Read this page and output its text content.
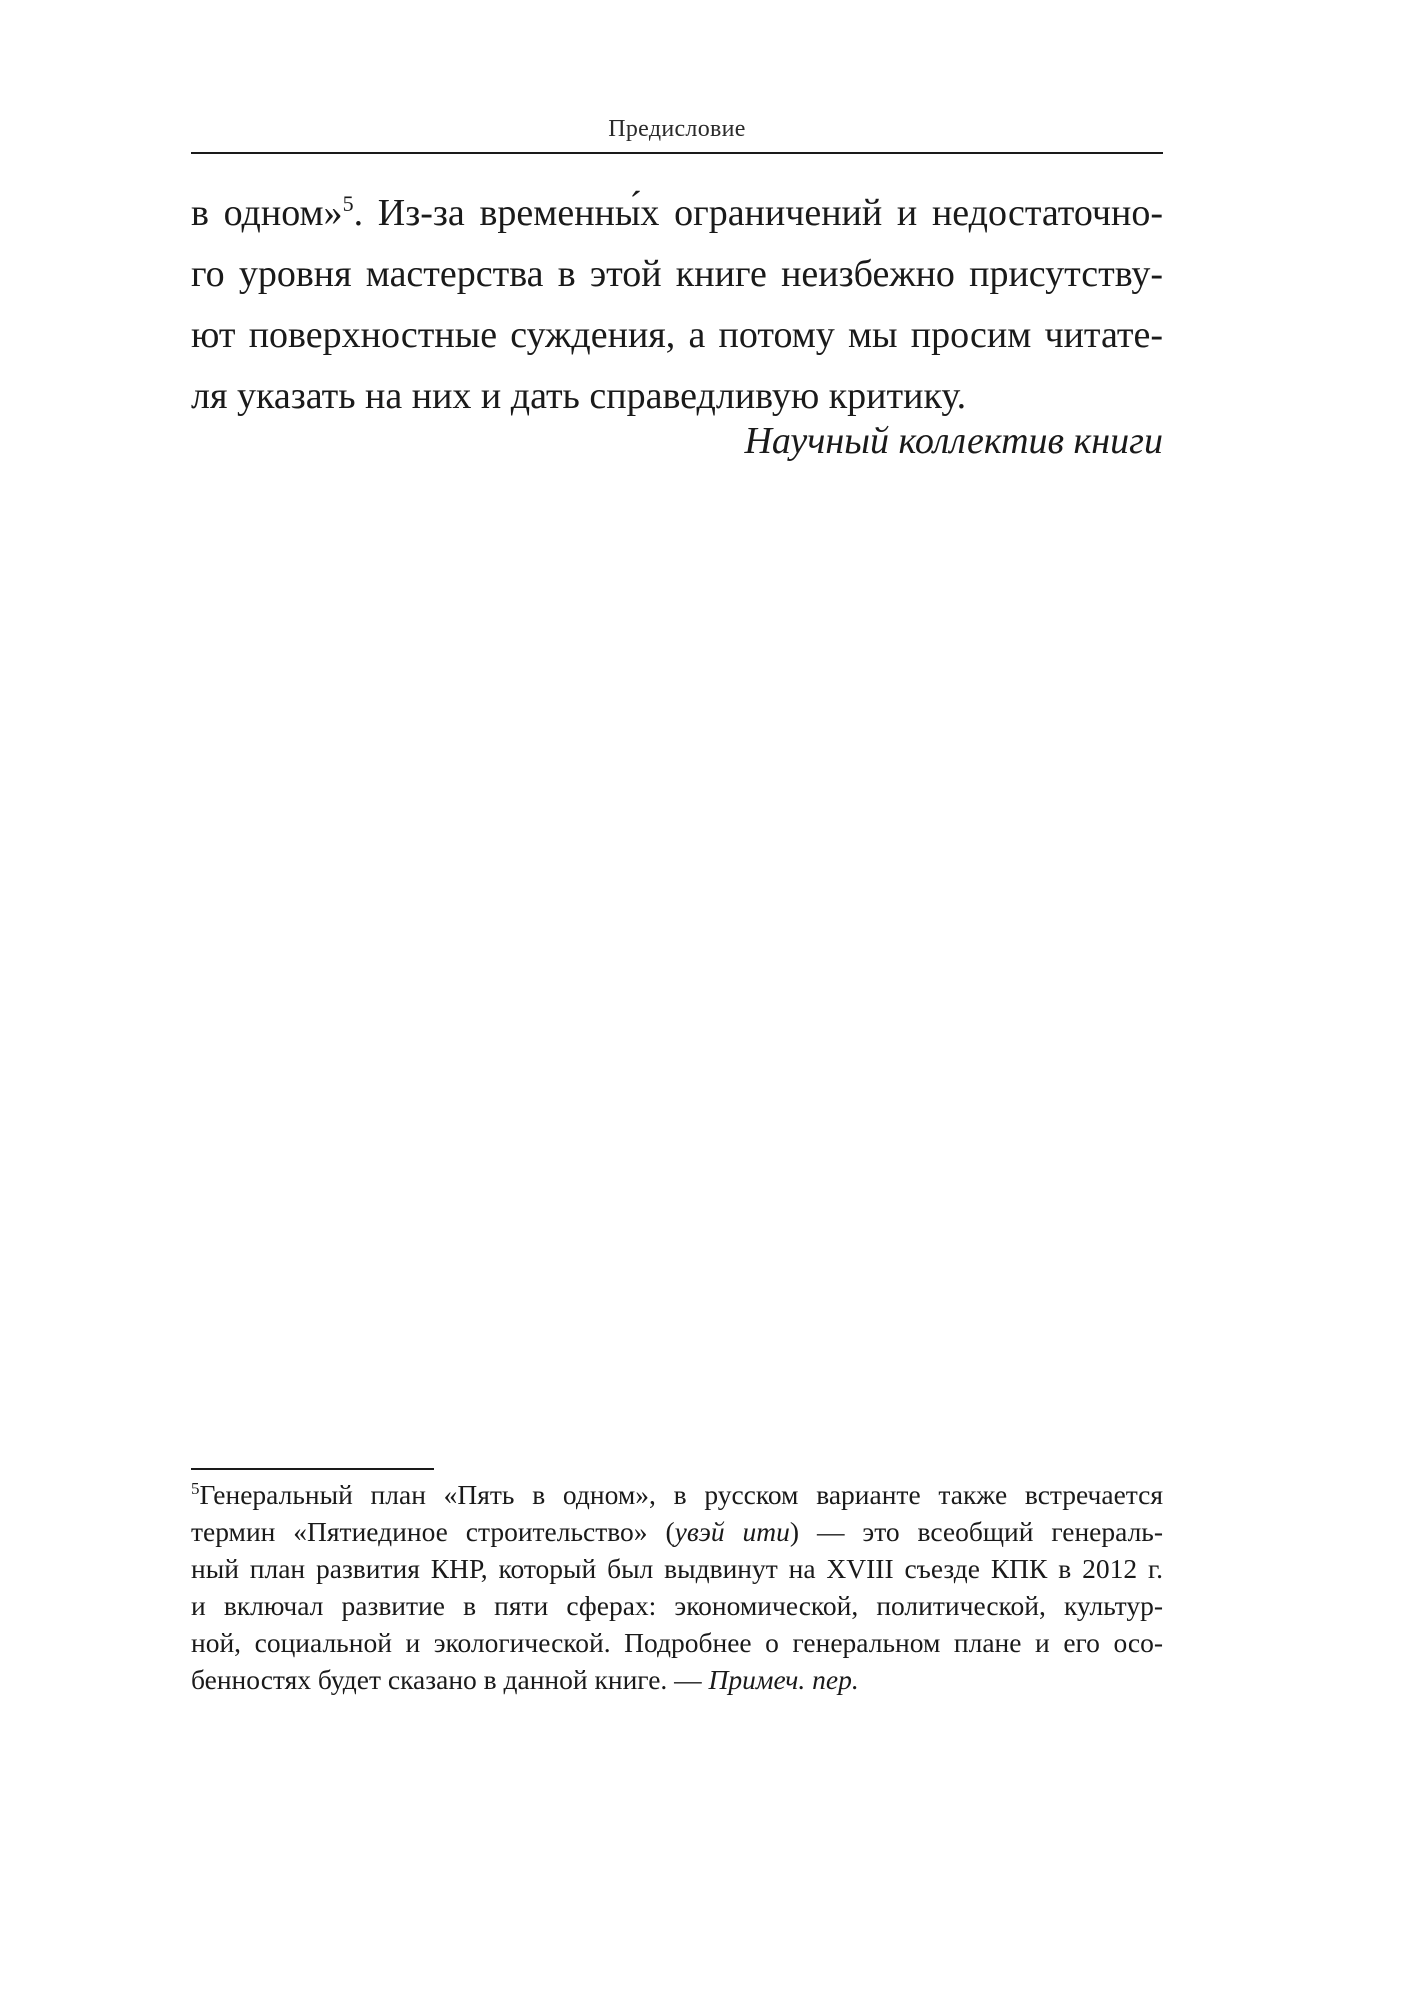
Предисловие
в одном»$^5$. Из-за временны́х ограничений и недостаточно-
го уровня мастерства в этой книге неизбежно присутству-
ют поверхностные суждения, а потому мы просим читате-
ля указать на них и дать справедливую критику.
Научный коллектив книги
$^5$Генеральный план «Пять в одном», в русском варианте также встречается
термин «Пятиединое строительство» (увэй ити) — это всеобщий генераль-
ный план развития КНР, который был выдвинут на XVIII съезде КПК в 2012 г.
и включал развитие в пяти сферах: экономической, политической, культур-
ной, социальной и экологической. Подробнее о генеральном плане и его осо-
бенностях будет сказано в данной книге. — Примеч. пер.
